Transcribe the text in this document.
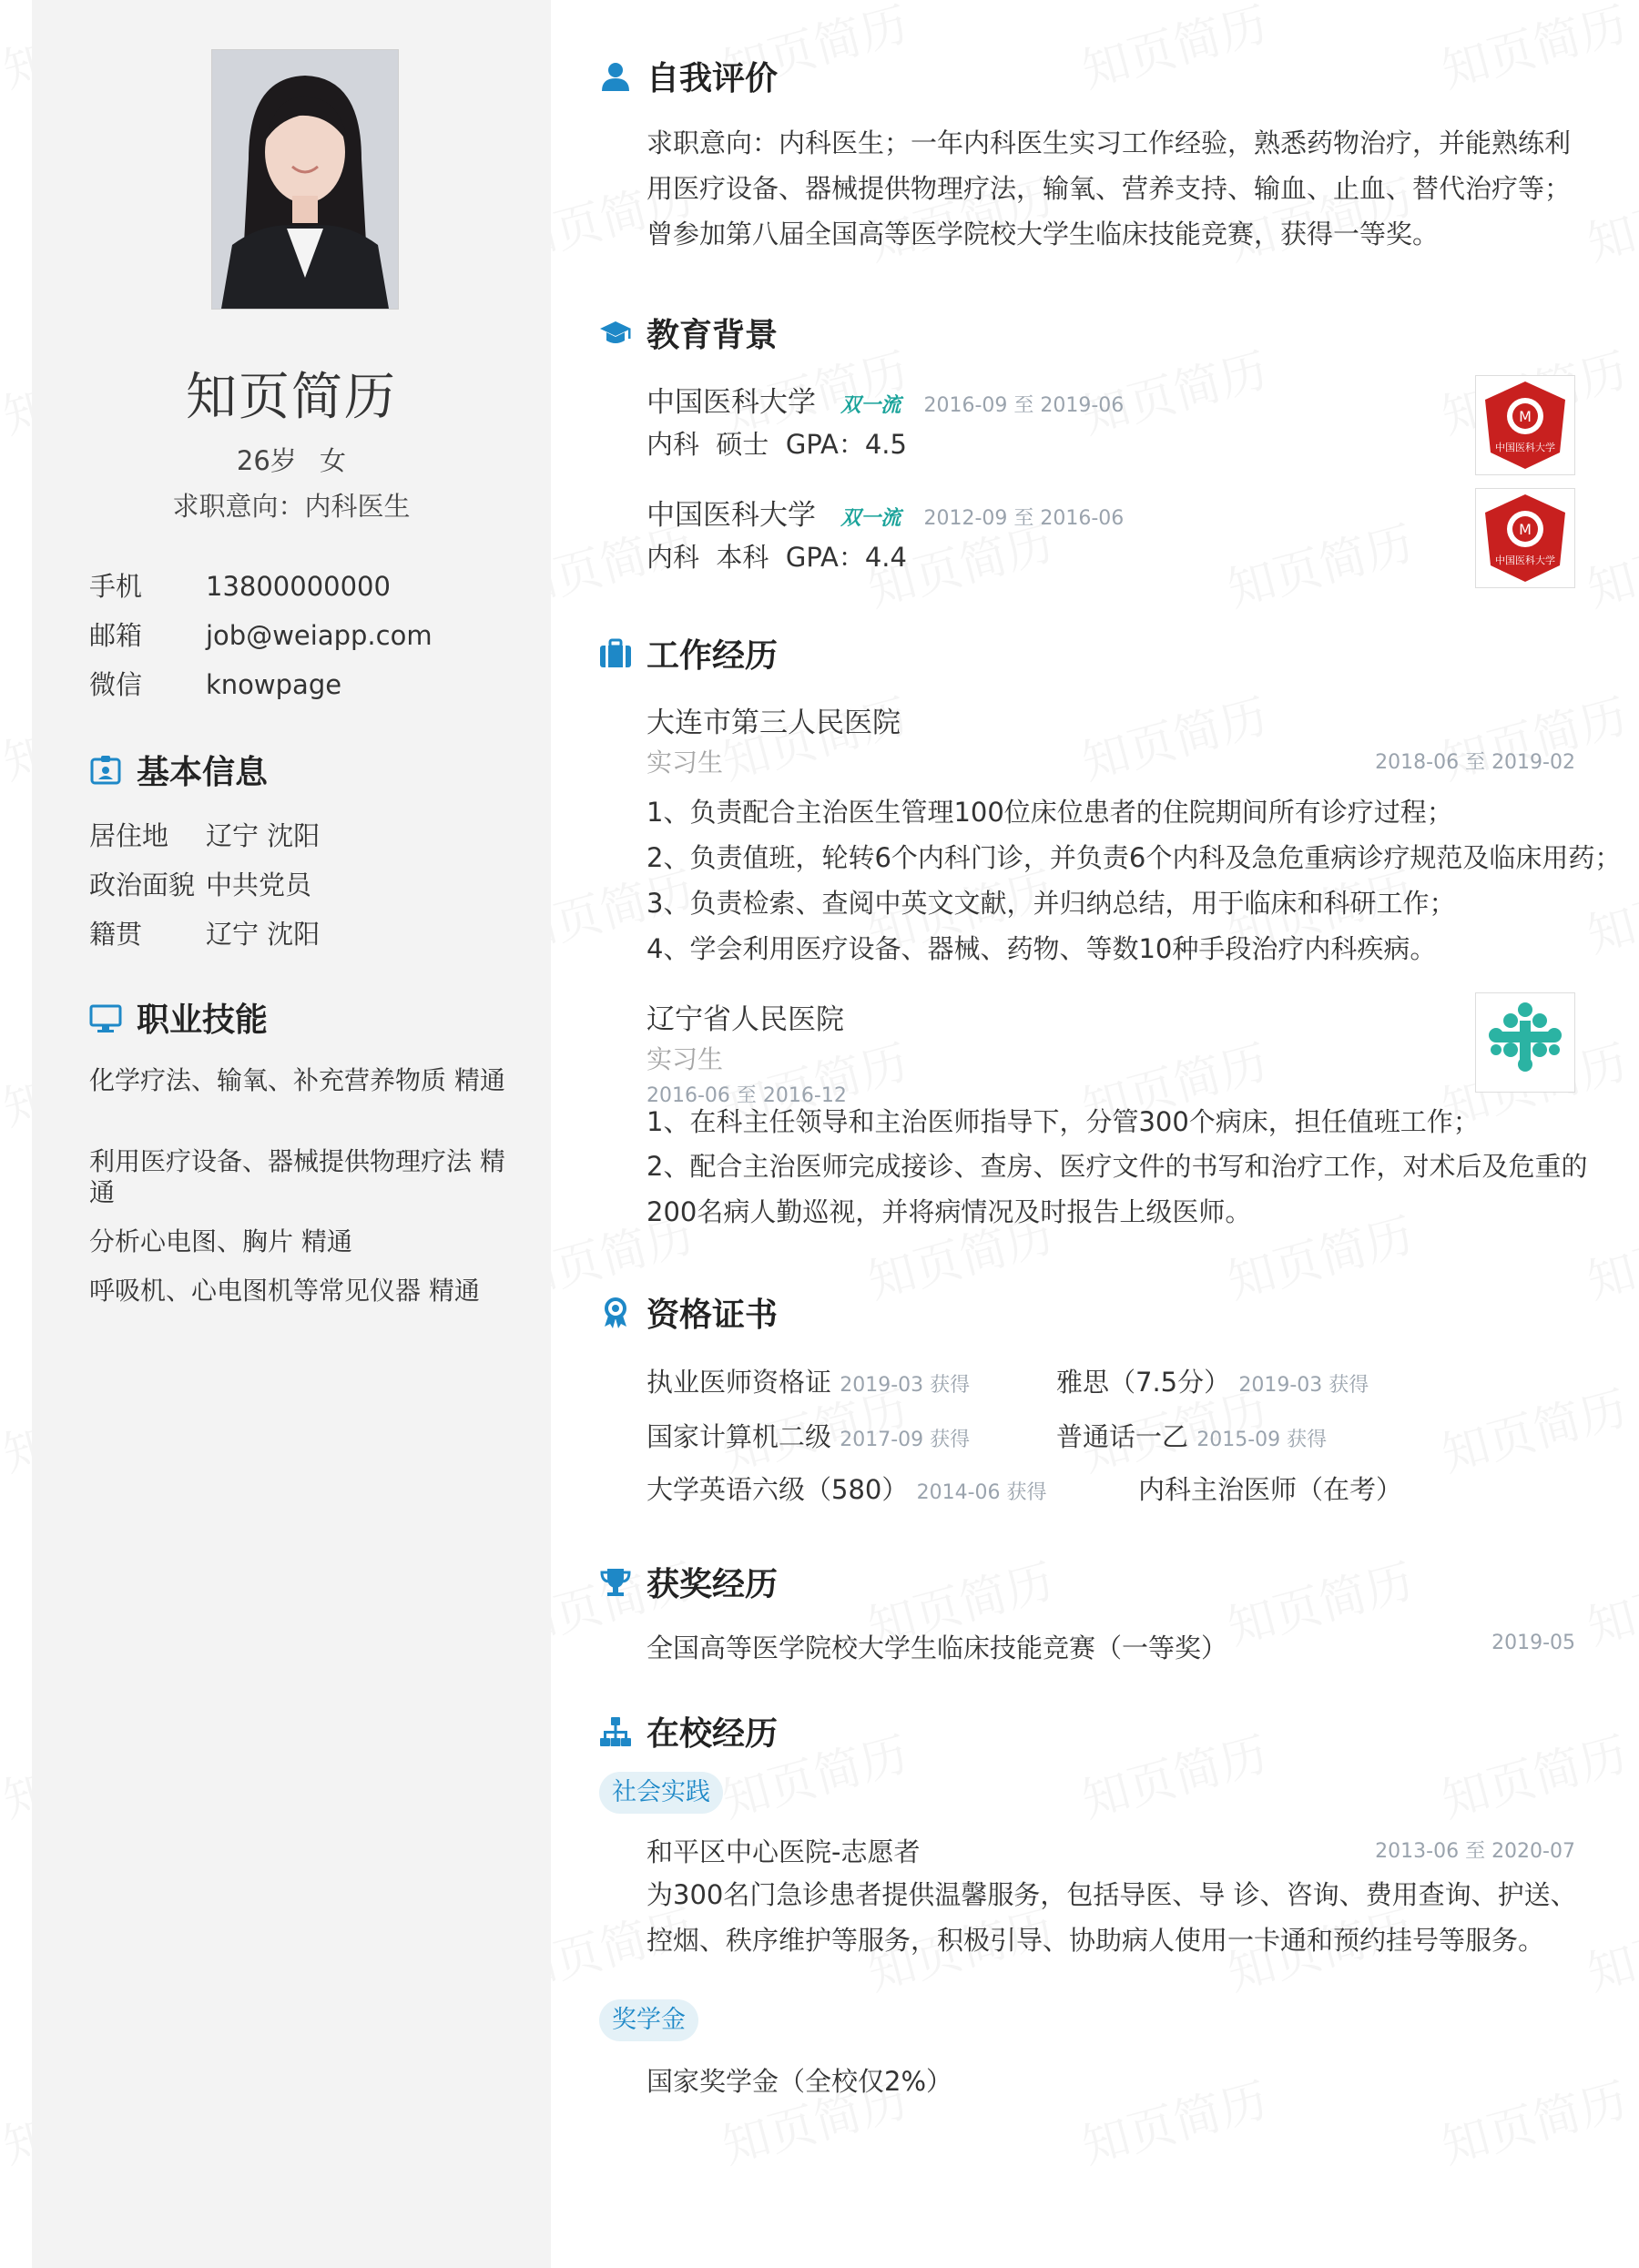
知页简历
26岁 女
求职意向：内科医生
手机 13800000000
邮箱 job@weiapp.com
微信 knowpage
基本信息
居住地 辽宁 沈阳
政治面貌 中共党员
籍贯 辽宁 沈阳
职业技能
化学疗法、输氧、补充营养物质 精通
利用医疗设备、器械提供物理疗法 精通
分析心电图、胸片 精通
呼吸机、心电图机等常见仪器 精通
自我评价
求职意向：内科医生；一年内科医生实习工作经验，熟悉药物治疗，并能熟练利用医疗设备、器械提供物理疗法，输氧、营养支持、输血、止血、替代治疗等；曾参加第八届全国高等医学院校大学生临床技能竞赛，获得一等奖。
教育背景
中国医科大学 双一流 2016-09 至 2019-06
内科  硕士  GPA：4.5
M
中国医科大学
中国医科大学 双一流 2012-09 至 2016-06
内科  本科  GPA：4.4
M
中国医科大学
工作经历
大连市第三人民医院
实习生	2018-06 至 2019-02
1、负责配合主治医生管理100位床位患者的住院期间所有诊疗过程；
2、负责值班，轮转6个内科门诊，并负责6个内科及急危重病诊疗规范及临床用药；
3、负责检索、查阅中英文文献，并归纳总结，用于临床和科研工作；
4、学会利用医疗设备、器械、药物、等数10种手段治疗内科疾病。
辽宁省人民医院
实习生
2016-06 至 2016-12
1、在科主任领导和主治医师指导下，分管300个病床，担任值班工作；
2、配合主治医师完成接诊、查房、医疗文件的书写和治疗工作，对术后及危重的200名病人勤巡视，并将病情况及时报告上级医师。
资格证书
执业医师资格证 2019-03 获得	雅思（7.5分） 2019-03 获得
国家计算机二级 2017-09 获得	普通话一乙 2015-09 获得
大学英语六级（580） 2014-06 获得	内科主治医师（在考）
获奖经历
全国高等医学院校大学生临床技能竞赛（一等奖）	2019-05
在校经历
社会实践
和平区中心医院-志愿者	2013-06 至 2020-07
为300名门急诊患者提供温馨服务，包括导医、导 诊、咨询、费用查询、护送、控烟、秩序维护等服务，积极引导、协助病人使用一卡通和预约挂号等服务。
奖学金
国家奖学金（全校仅2%）
